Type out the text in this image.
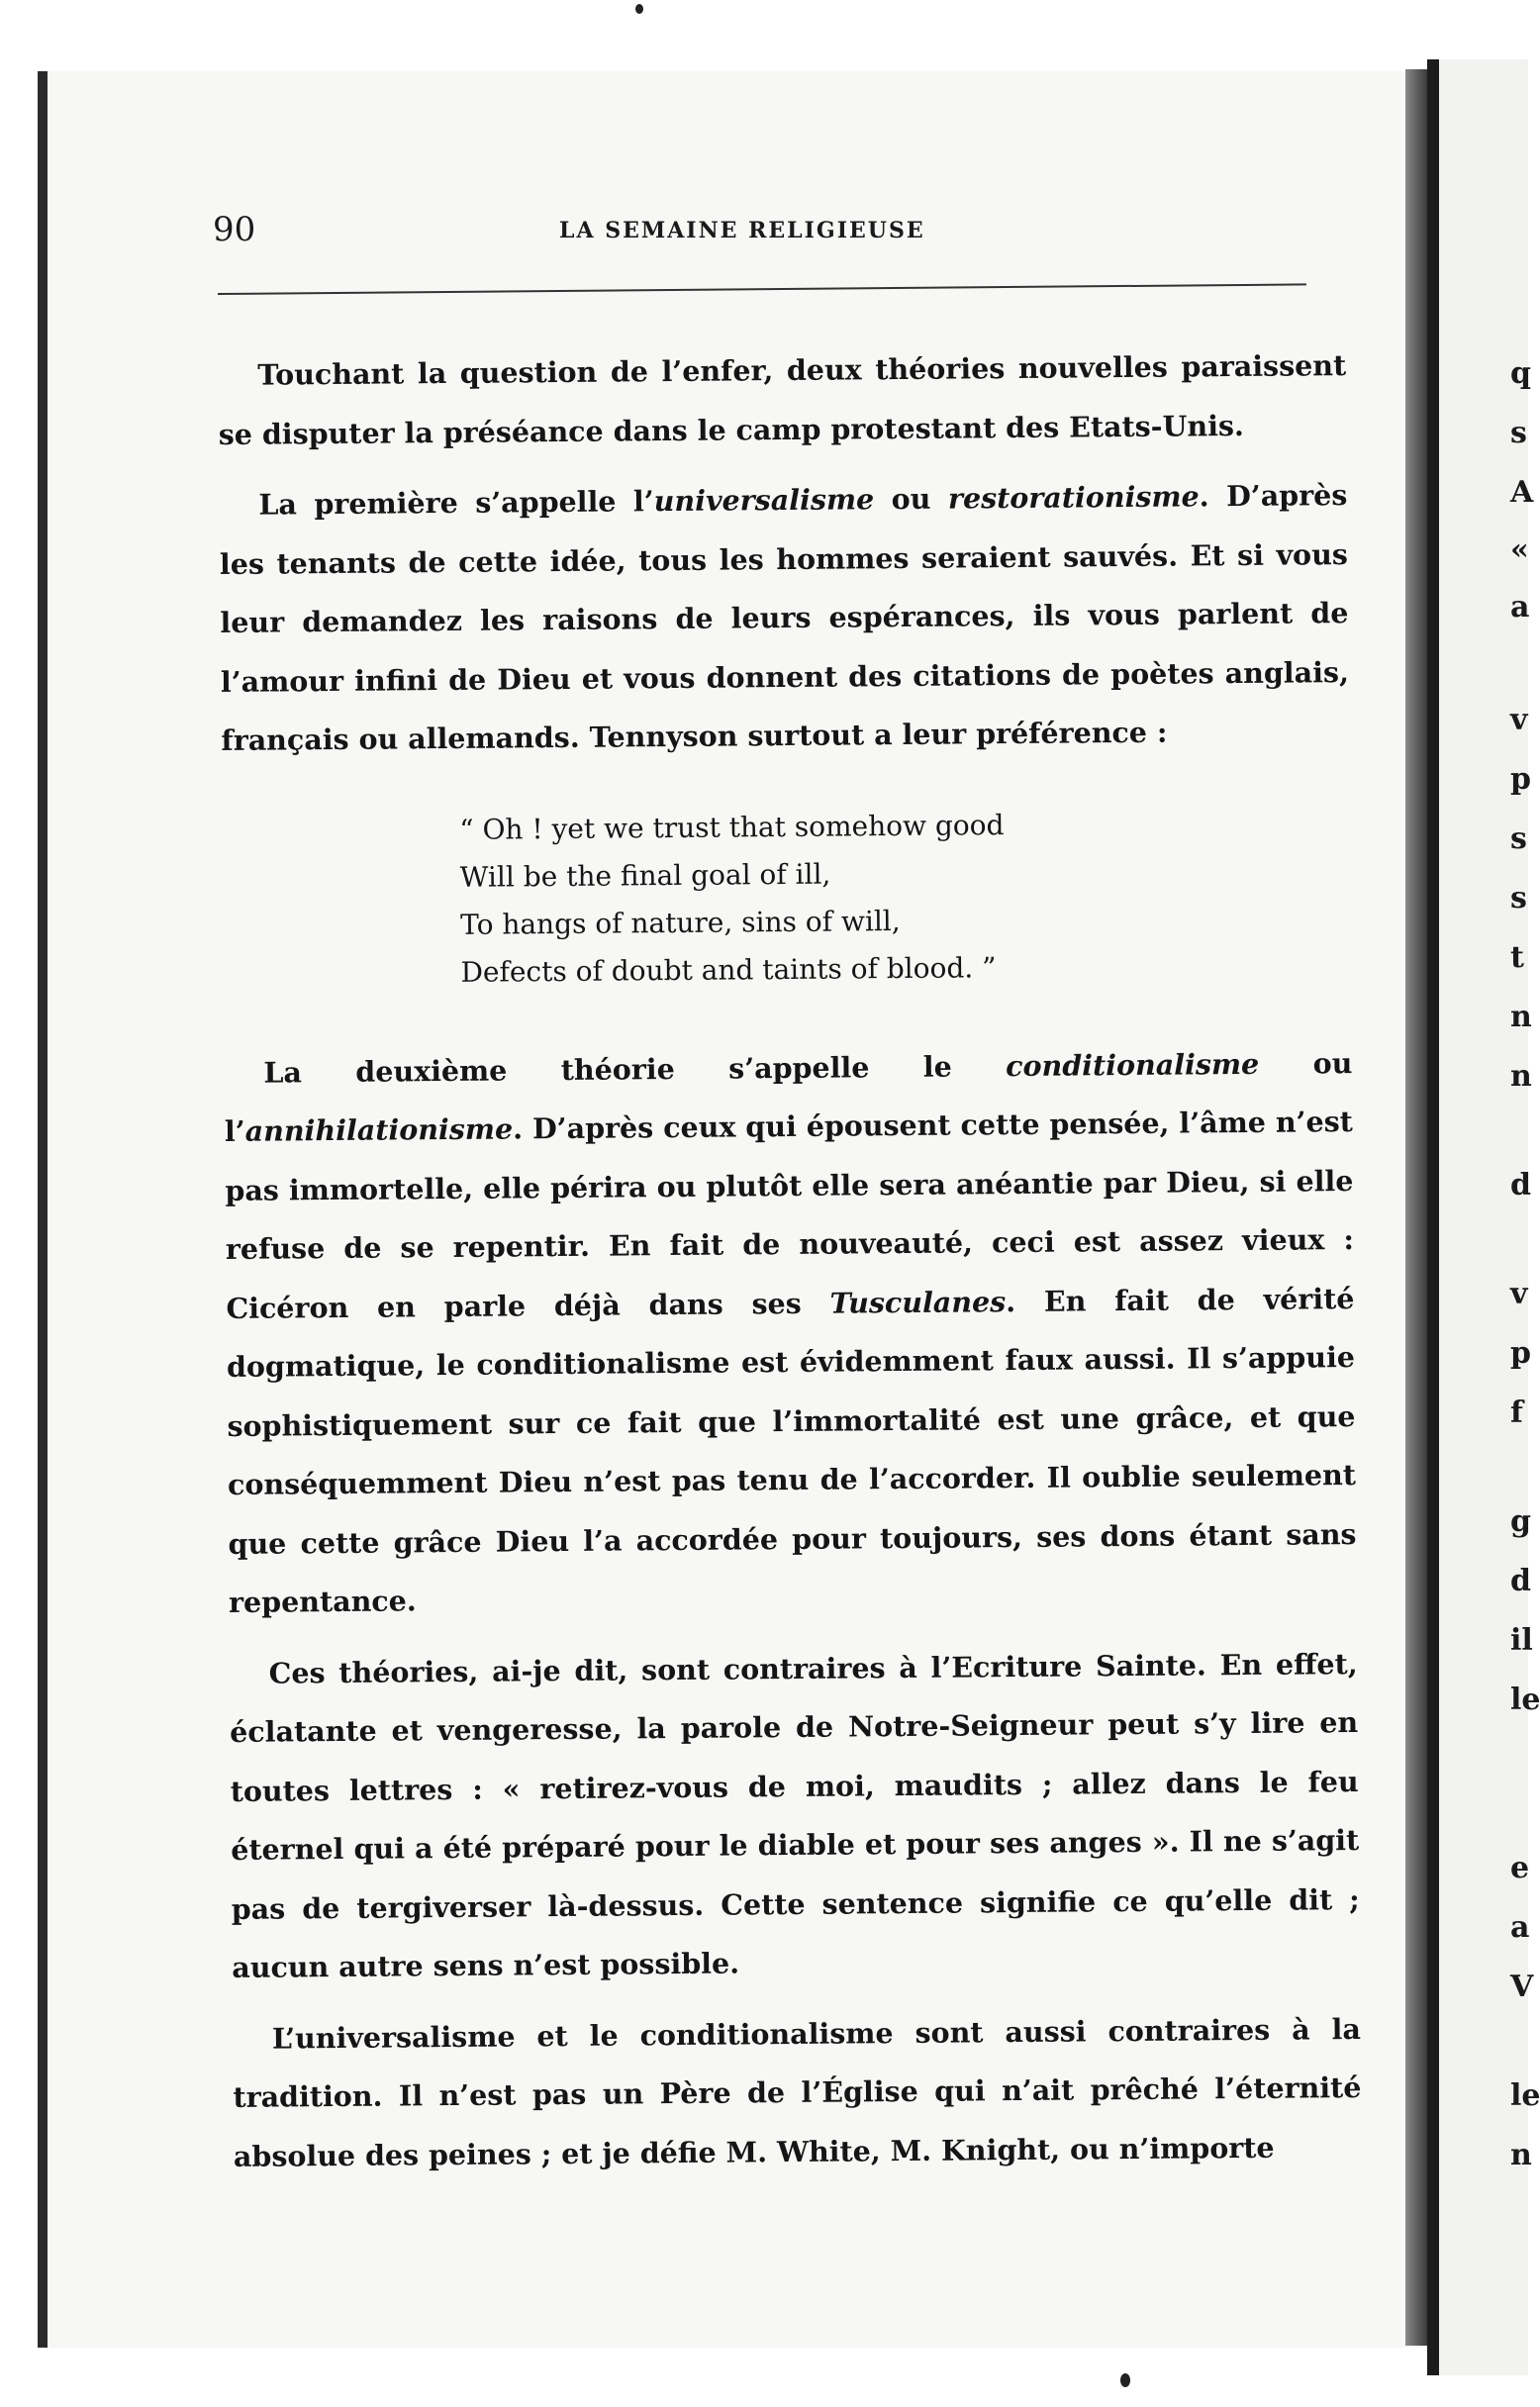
q
s
A
«
a
v
p
s
s
t
n
n
d
v
p
f
g
d
il
le
e
a
V
le
n
90	LA SEMAINE RELIGIEUSE

Touchant la question de l’enfer, deux théories nouvelles paraissent se disputer la préséance dans le camp protestant des Etats-Unis.

La première s’appelle l’universalisme ou restorationisme. D’après les tenants de cette idée, tous les hommes seraient sauvés. Et si vous leur demandez les raisons de leurs espérances, ils vous parlent de l’amour infini de Dieu et vous donnent des citations de poètes anglais, français ou allemands. Tennyson surtout a leur préférence :

“ Oh ! yet we trust that somehow good
Will be the final goal of ill,
To hangs of nature, sins of will,
Defects of doubt and taints of blood. ”

La deuxième théorie s’appelle le conditionalisme ou l’annihilationisme. D’après ceux qui épousent cette pensée, l’âme n’est pas immortelle, elle périra ou plutôt elle sera anéantie par Dieu, si elle refuse de se repentir. En fait de nouveauté, ceci est assez vieux : Cicéron en parle déjà dans ses Tusculanes. En fait de vérité dogmatique, le conditionalisme est évidemment faux aussi. Il s’appuie sophistiquement sur ce fait que l’immortalité est une grâce, et que conséquemment Dieu n’est pas tenu de l’accorder. Il oublie seulement que cette grâce Dieu l’a accordée pour toujours, ses dons étant sans repentance.

Ces théories, ai-je dit, sont contraires à l’Ecriture Sainte. En effet, éclatante et vengeresse, la parole de Notre-Seigneur peut s’y lire en toutes lettres : « retirez-vous de moi, maudits ; allez dans le feu éternel qui a été préparé pour le diable et pour ses anges ». Il ne s’agit pas de tergiverser là-dessus. Cette sentence signifie ce qu’elle dit ; aucun autre sens n’est possible.

L’universalisme et le conditionalisme sont aussi contraires à la tradition. Il n’est pas un Père de l’Église qui n’ait prêché l’éternité absolue des peines ; et je défie M. White, M. Knight, ou n’importe
